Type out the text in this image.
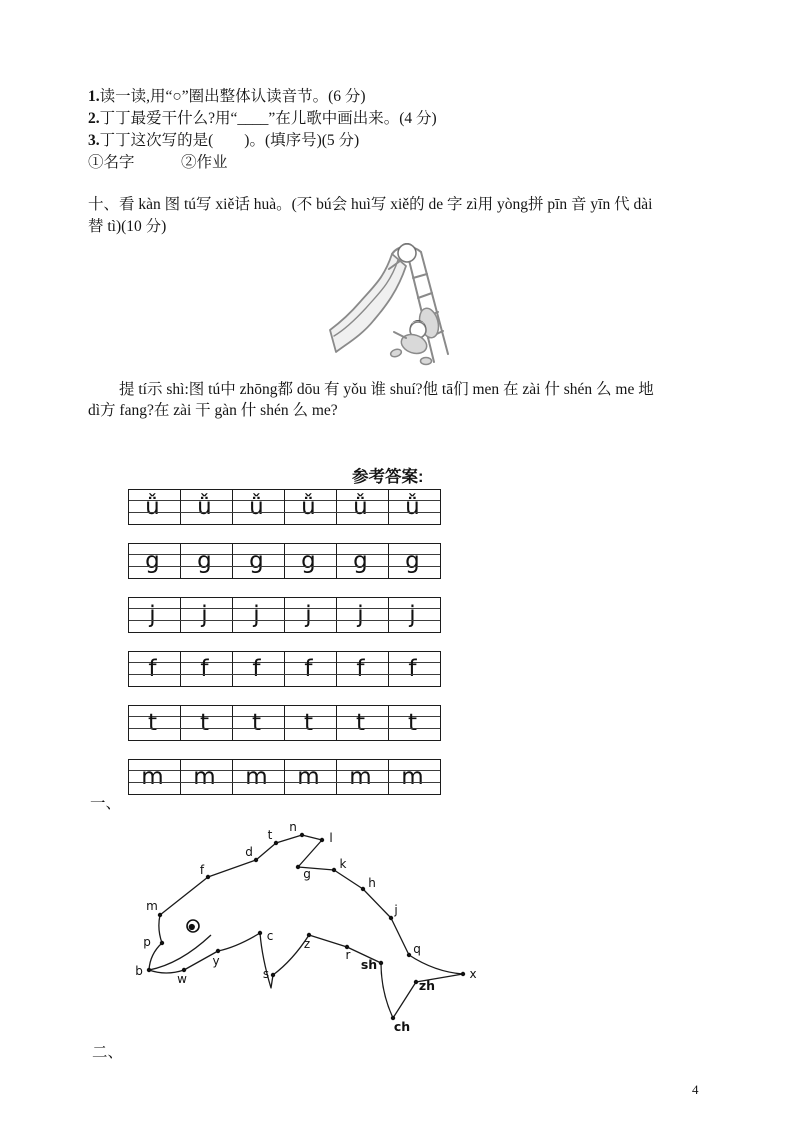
1.读一读,用“○”圈出整体认读音节。(6 分)
2.丁丁最爱干什么?用“____”在儿歌中画出来。(4 分)
3.丁丁这次写的是(　　)。(填序号)(5 分)
①名字　　　②作业
十、看 kàn 图 tú写 xiě话 huà。(不 bú会 huì写 xiě的 de 字 zì用 yòng拼 pīn 音 yīn 代 dài
替 tì)(10 分)
提 tí示 shì:图 tú中 zhōng都 dōu 有 yǒu 谁 shuí?他 tā们 men 在 zài 什 shén 么 me 地
dì方 fang?在 zài 干 gàn 什 shén 么 me?
参考答案:
ǚ ǚ ǚ ǚ ǚ ǚ
g g g g g g
j j j j j j
f f f f f f
t t t t t t
m m m m m m
一、
b
p
m
f
d
t
n
l
g
k
h
j
q
x
zh
ch
sh
r
z
s
c
y
w
二、
4
